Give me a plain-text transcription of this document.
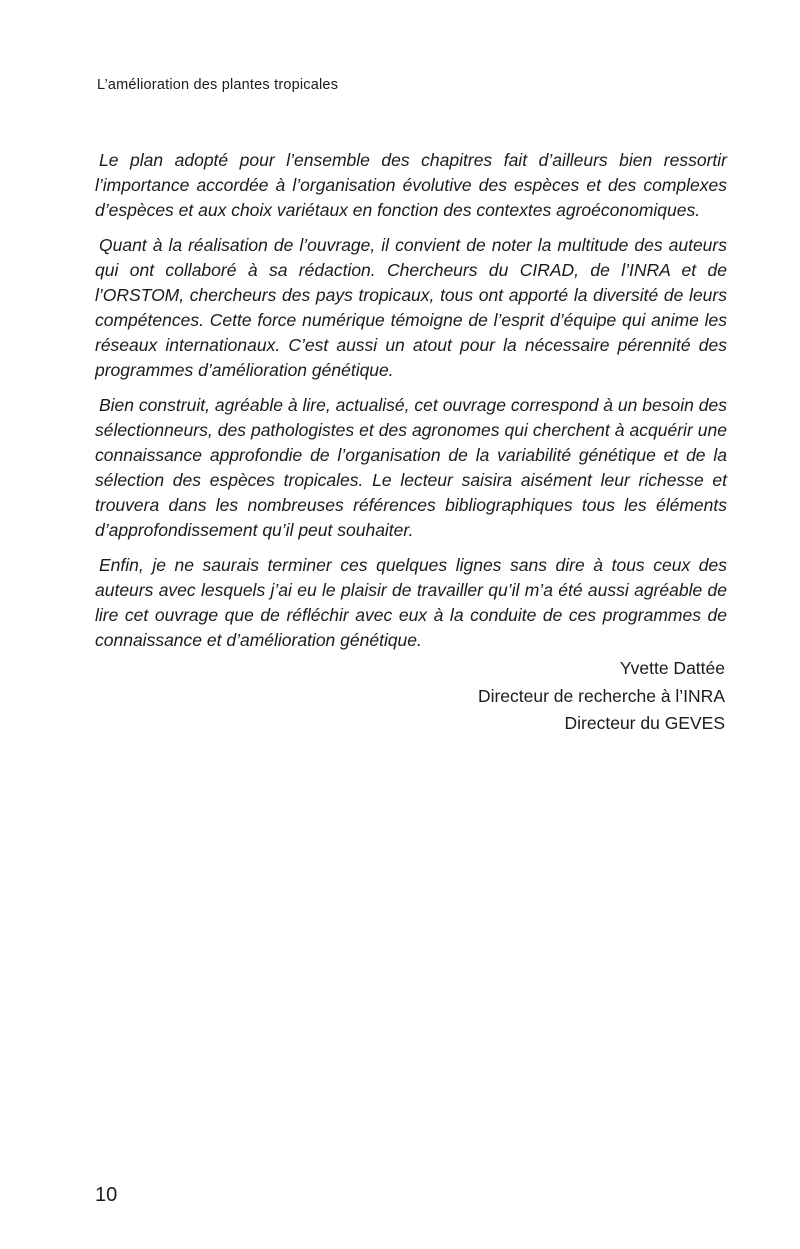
L’amélioration des plantes tropicales

Le plan adopté pour l’ensemble des chapitres fait d’ailleurs bien ressortir l’importance accordée à l’organisation évolutive des espèces et des complexes d’espèces et aux choix variétaux en fonction des contextes agroéconomiques.

Quant à la réalisation de l’ouvrage, il convient de noter la multitude des auteurs qui ont collaboré à sa rédaction. Chercheurs du CIRAD, de l’INRA et de l’ORSTOM, chercheurs des pays tropicaux, tous ont apporté la diversité de leurs compétences. Cette force numérique témoigne de l’esprit d’équipe qui anime les réseaux internationaux. C’est aussi un atout pour la nécessaire pérennité des programmes d’amélioration génétique.

Bien construit, agréable à lire, actualisé, cet ouvrage correspond à un besoin des sélectionneurs, des pathologistes et des agronomes qui cherchent à acquérir une connaissance approfondie de l’organisation de la variabilité génétique et de la sélection des espèces tropicales. Le lecteur saisira aisément leur richesse et trouvera dans les nombreuses références bibliographiques tous les éléments d’approfondissement qu’il peut souhaiter.

Enfin, je ne saurais terminer ces quelques lignes sans dire à tous ceux des auteurs avec lesquels j’ai eu le plaisir de travailler qu’il m’a été aussi agréable de lire cet ouvrage que de réfléchir avec eux à la conduite de ces programmes de connaissance et d’amélioration génétique.

Yvette Dattée
Directeur de recherche à l’INRA
Directeur du GEVES
10
